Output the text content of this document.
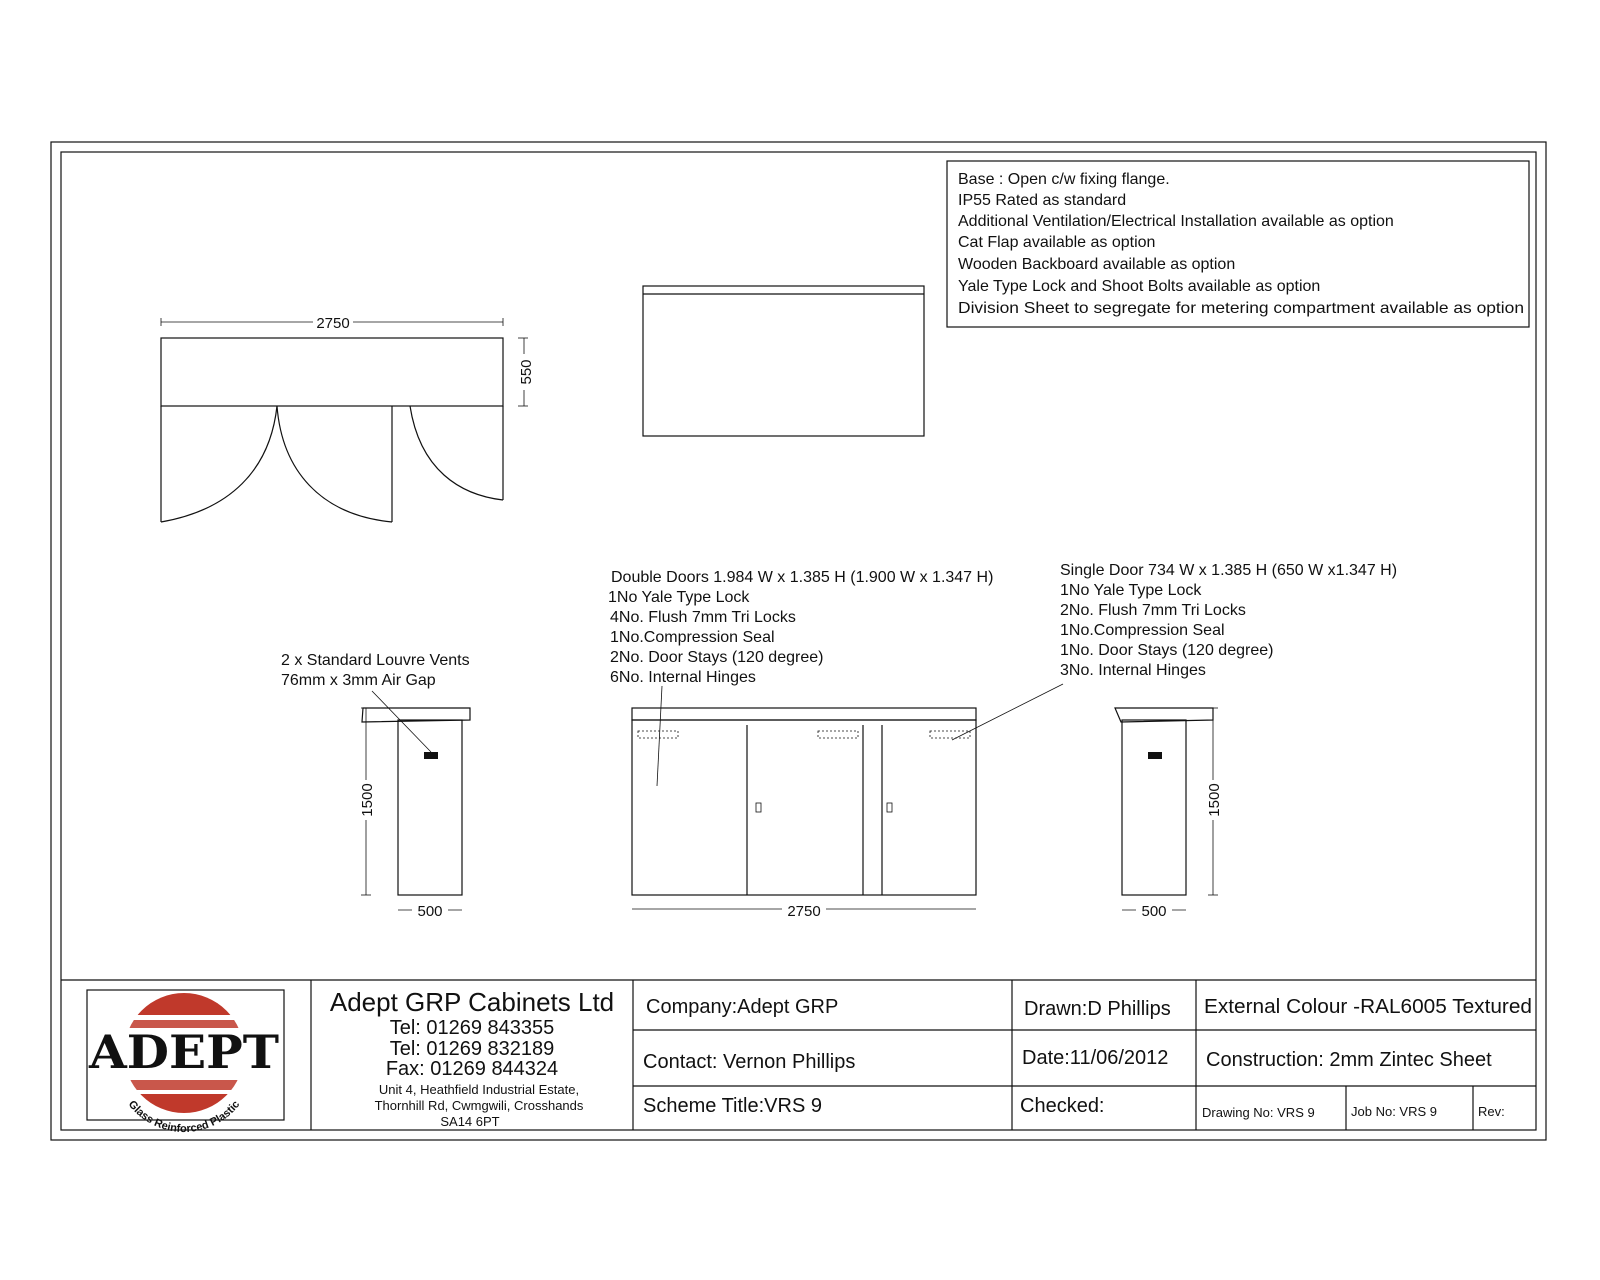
Base : Open c/w fixing flange.
IP55 Rated as standard
Additional Ventilation/Electrical Installation available as option
Cat Flap available as option
Wooden Backboard available as option
Yale Type Lock and Shoot Bolts available as option
Division Sheet to segregate for metering compartment available as option
2750
550
2 x Standard Louvre Vents
76mm x 3mm Air Gap
1500
500
Double Doors 1.984 W x 1.385 H (1.900 W x 1.347 H)
1No Yale Type Lock
4No. Flush 7mm Tri Locks
1No.Compression Seal
2No. Door Stays (120 degree)
6No. Internal Hinges
Single Door 734 W x 1.385 H (650 W x1.347 H)
1No Yale Type Lock
2No. Flush 7mm Tri Locks
1No.Compression Seal
1No. Door Stays (120 degree)
3No. Internal Hinges
2750
1500
500
ADEPT
Glass Reinforced Plastic
Adept GRP Cabinets Ltd
Tel: 01269 843355
Tel: 01269 832189
Fax: 01269 844324
Unit 4, Heathfield Industrial Estate,
Thornhill Rd, Cwmgwili, Crosshands
SA14 6PT
Company:Adept GRP
Contact: Vernon Phillips
Scheme Title:VRS 9
Drawn:D Phillips
Date:11/06/2012
Checked:
External Colour -RAL6005 Textured
Construction: 2mm Zintec Sheet
Drawing No: VRS 9	Job No: VRS 9	Rev:
